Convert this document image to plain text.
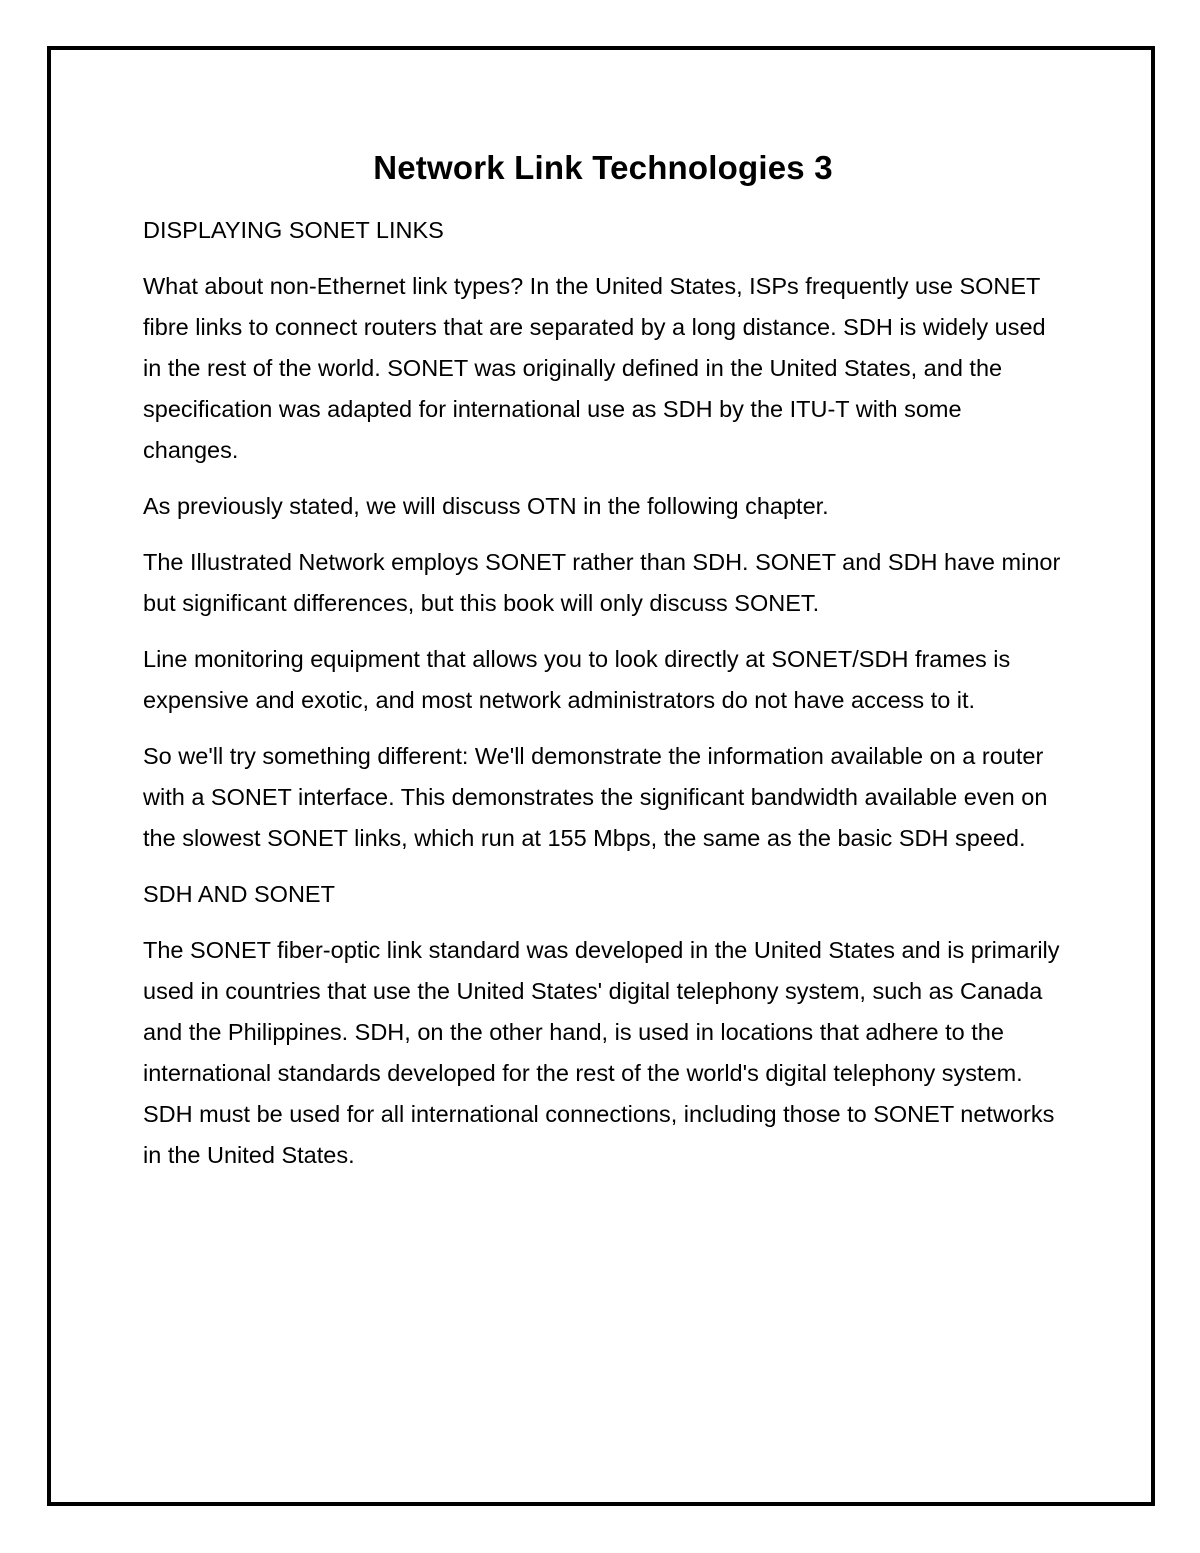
Network Link Technologies 3
DISPLAYING SONET LINKS

What about non-Ethernet link types? In the United States, ISPs frequently use SONET fibre links to connect routers that are separated by a long distance. SDH is widely used in the rest of the world. SONET was originally defined in the United States, and the specification was adapted for international use as SDH by the ITU-T with some changes.

As previously stated, we will discuss OTN in the following chapter.

The Illustrated Network employs SONET rather than SDH. SONET and SDH have minor but significant differences, but this book will only discuss SONET.

Line monitoring equipment that allows you to look directly at SONET/SDH frames is expensive and exotic, and most network administrators do not have access to it.

So we'll try something different: We'll demonstrate the information available on a router with a SONET interface. This demonstrates the significant bandwidth available even on the slowest SONET links, which run at 155 Mbps, the same as the basic SDH speed.

SDH AND SONET

The SONET fiber-optic link standard was developed in the United States and is primarily used in countries that use the United States' digital telephony system, such as Canada and the Philippines. SDH, on the other hand, is used in locations that adhere to the international standards developed for the rest of the world's digital telephony system. SDH must be used for all international connections, including those to SONET networks in the United States.
